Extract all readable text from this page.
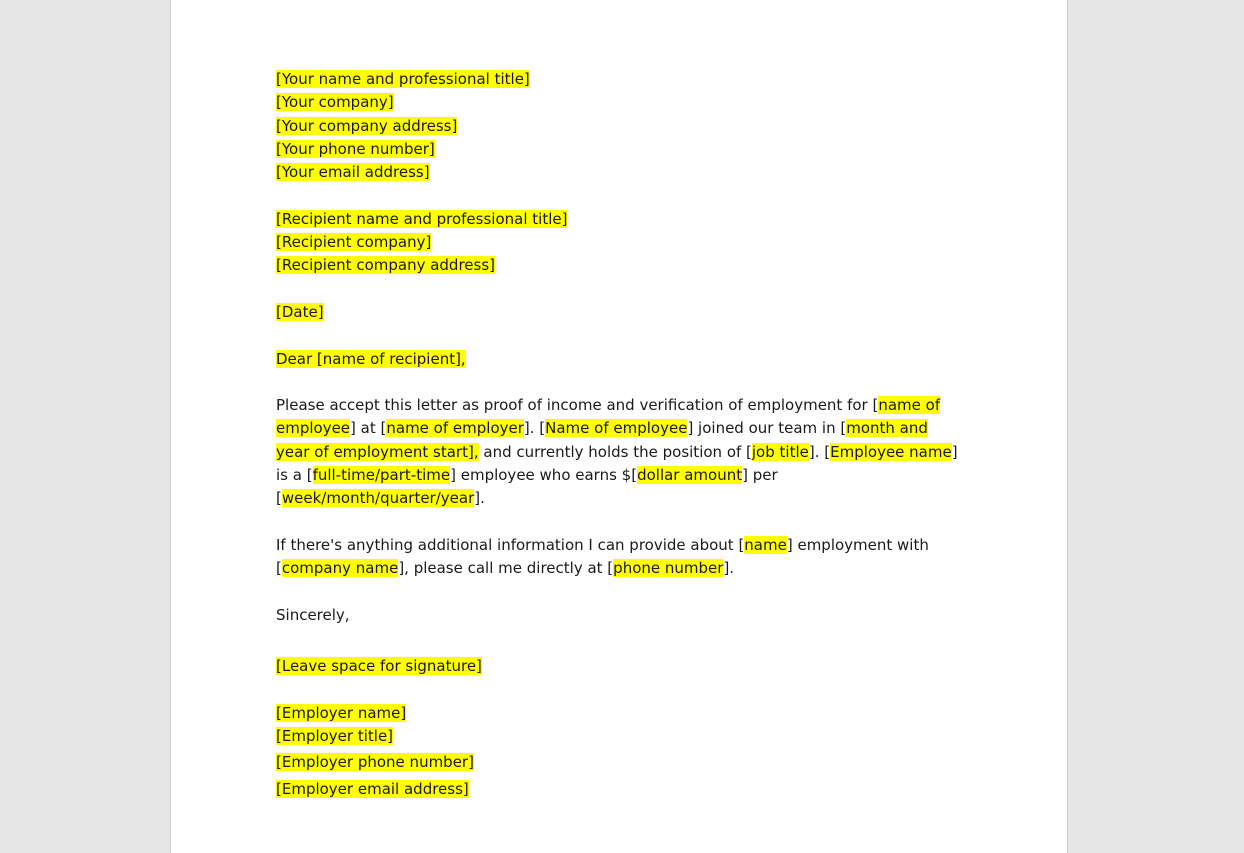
[Your name and professional title]
[Your company]
[Your company address]
[Your phone number]
[Your email address]
[Recipient name and professional title]
[Recipient company]
[Recipient company address]
[Date]
Dear [name of recipient],
Please accept this letter as proof of income and verification of employment for [name of employee] at [name of employer]. [Name of employee] joined our team in [month and year of employment start], and currently holds the position of [job title]. [Employee name] is a [full-time/part-time] employee who earns $[dollar amount] per [week/month/quarter/year].
If there's anything additional information I can provide about [name] employment with [company name], please call me directly at [phone number].
Sincerely,
[Leave space for signature]
[Employer name]
[Employer title]
[Employer phone number]
[Employer email address]
